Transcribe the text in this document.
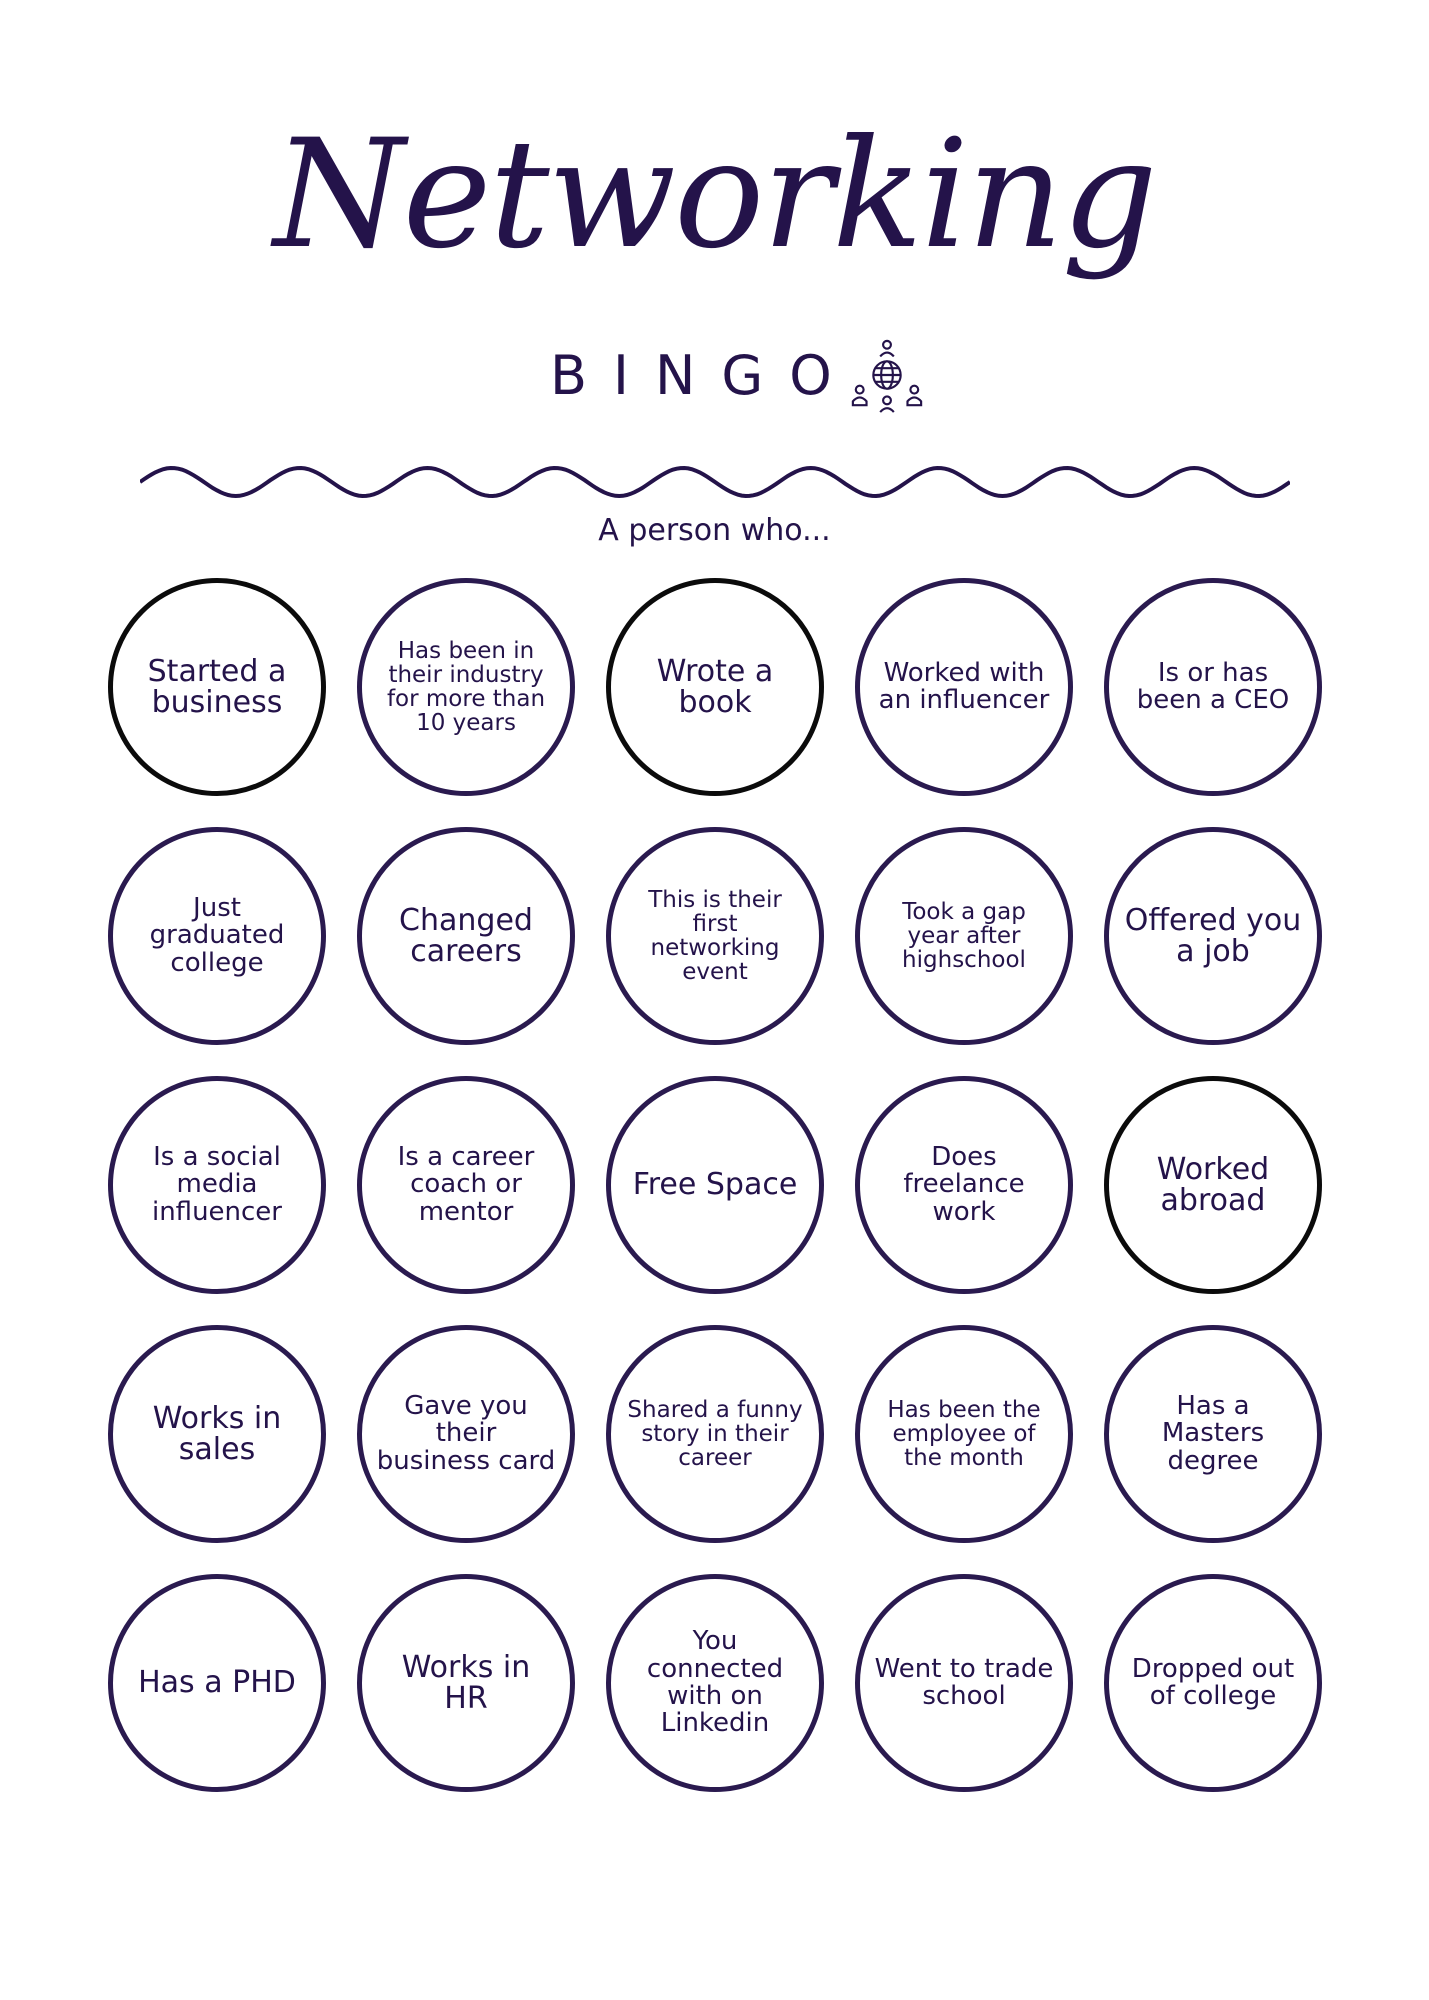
Networking
BINGO
A person who...
Started a business
Has been in their industry for more than 10 years
Wrote a book
Worked with an influencer
Is or has been a CEO
Just graduated college
Changed careers
This is their first networking event
Took a gap year after highschool
Offered you a job
Is a social media influencer
Is a career coach or mentor
Free Space
Does freelance work
Worked abroad
Works in sales
Gave you their business card
Shared a funny story in their career
Has been the employee of the month
Has a Masters degree
Has a PHD	Works in HR
You connected with on Linkedin
Went to trade school
Dropped out of college
